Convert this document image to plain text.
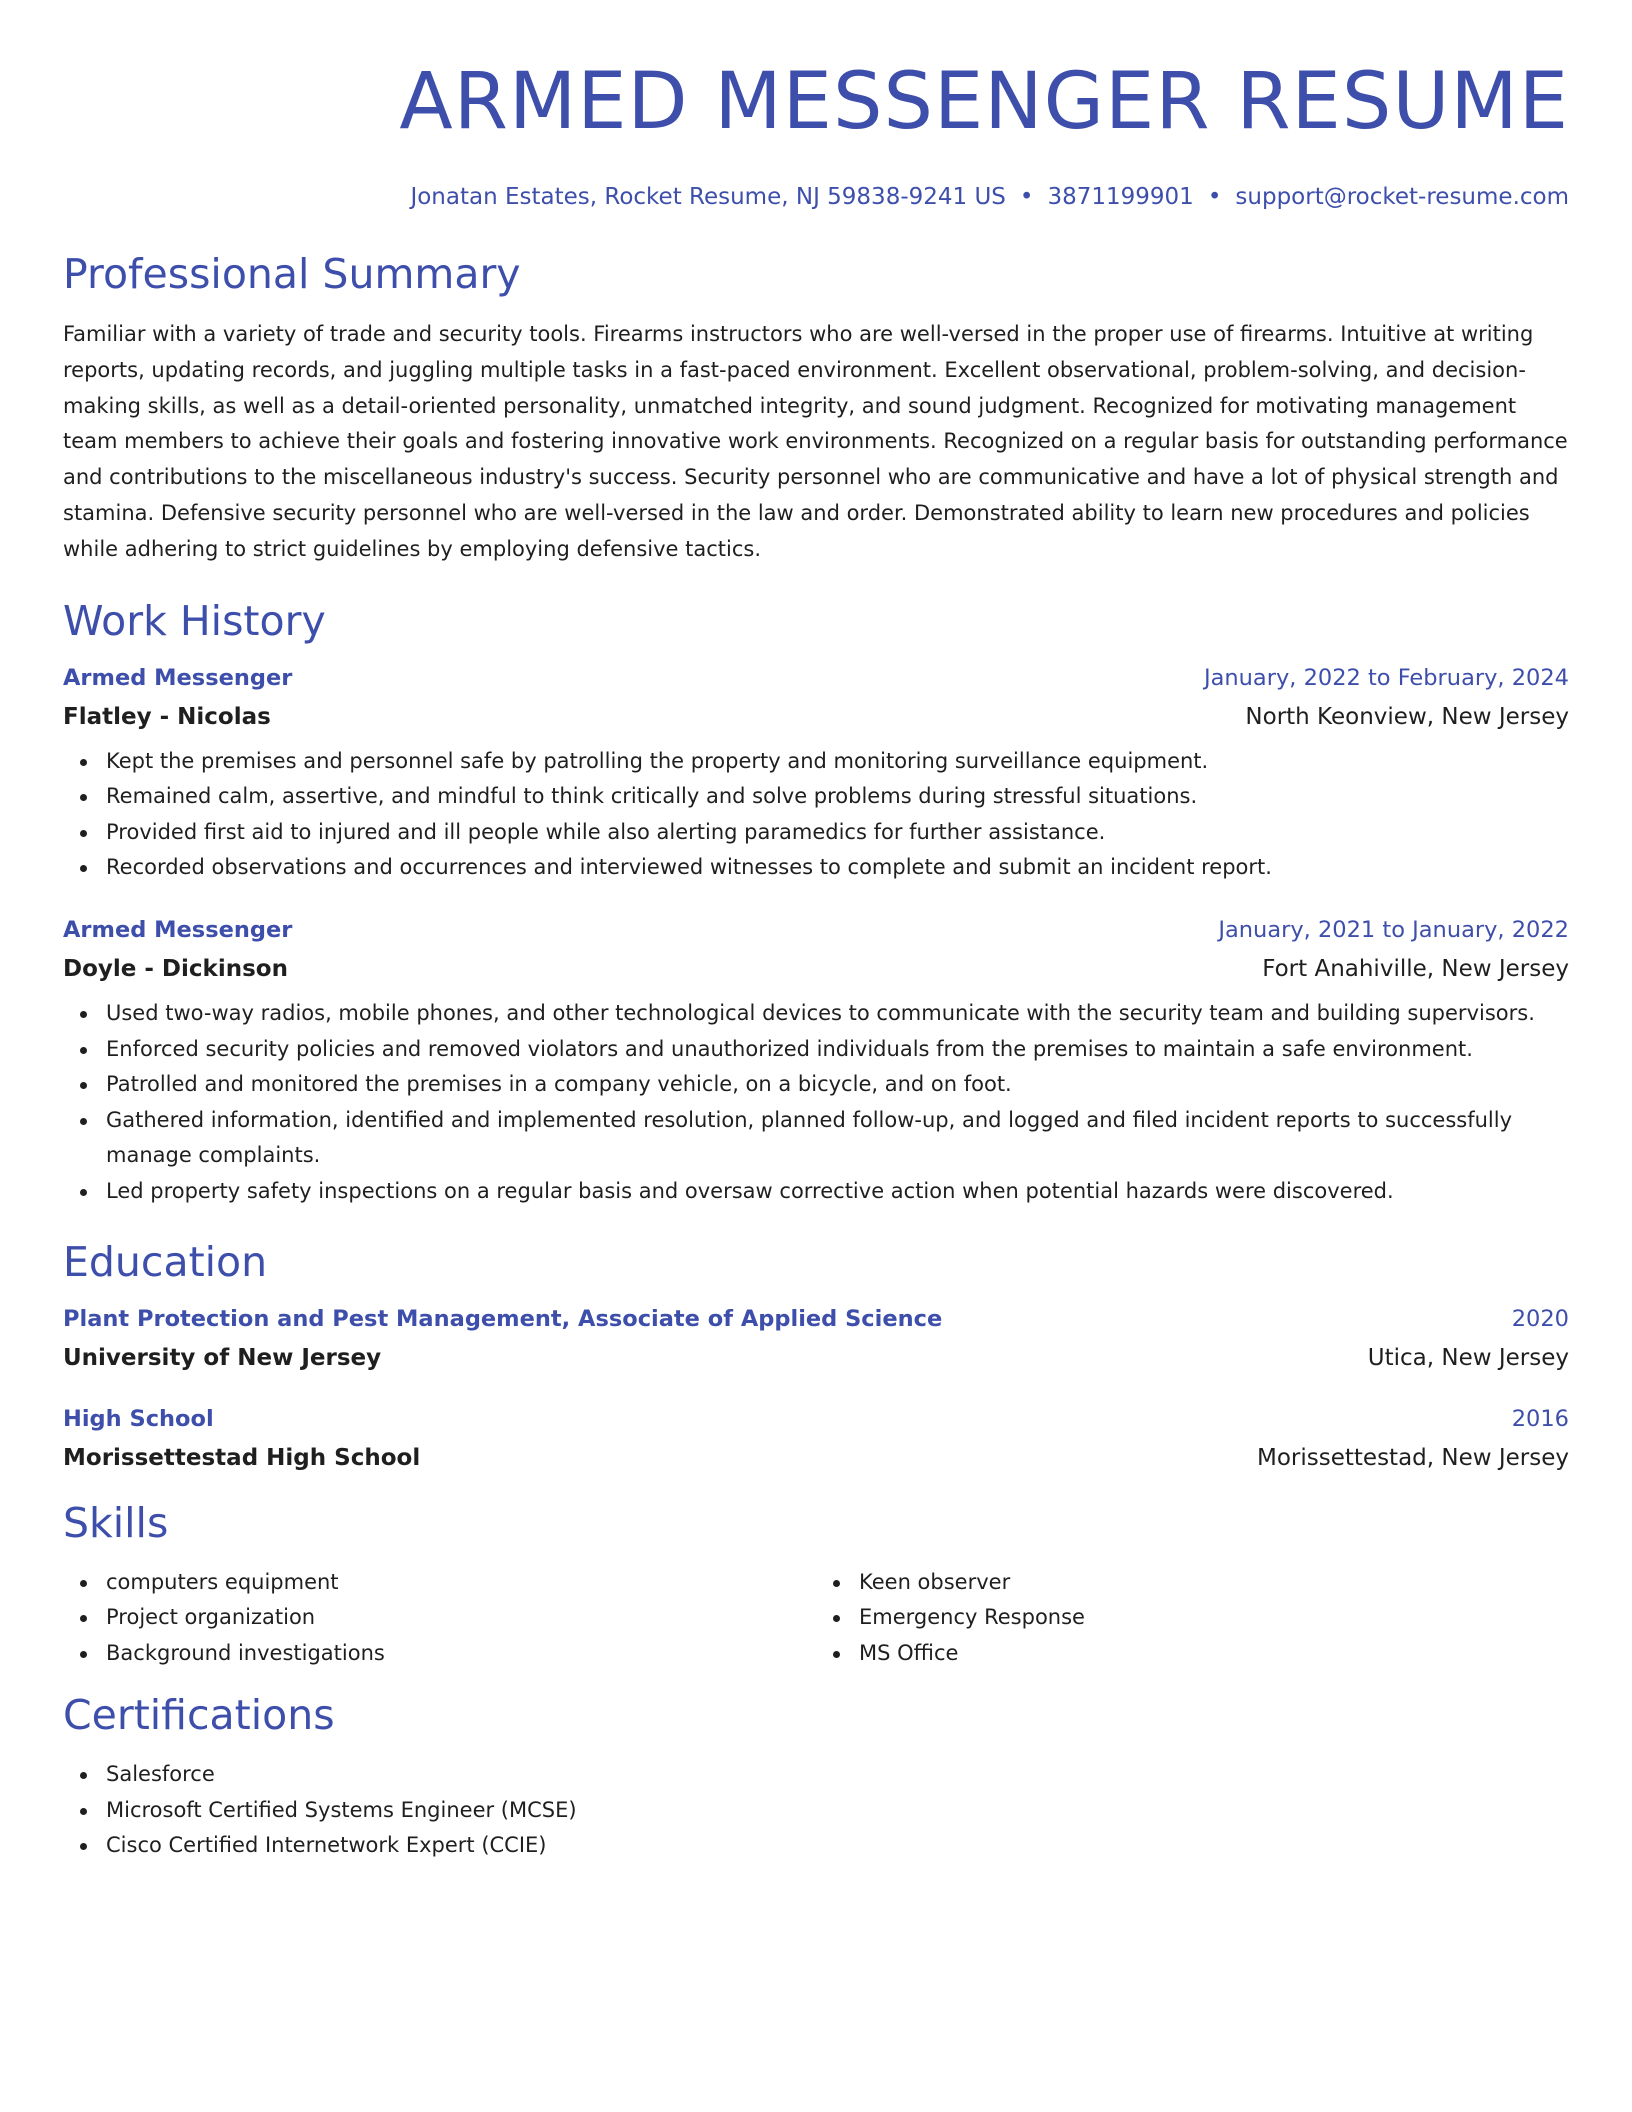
ARMED MESSENGER RESUME
Jonatan Estates, Rocket Resume, NJ 59838-9241 US • 3871199901 • support@rocket-resume.com
Professional Summary
Familiar with a variety of trade and security tools. Firearms instructors who are well-versed in the proper use of firearms. Intuitive at writing reports, updating records, and juggling multiple tasks in a fast-paced environment. Excellent observational, problem-solving, and decision-making skills, as well as a detail-oriented personality, unmatched integrity, and sound judgment. Recognized for motivating management team members to achieve their goals and fostering innovative work environments. Recognized on a regular basis for outstanding performance and contributions to the miscellaneous industry's success. Security personnel who are communicative and have a lot of physical strength and stamina. Defensive security personnel who are well-versed in the law and order. Demonstrated ability to learn new procedures and policies while adhering to strict guidelines by employing defensive tactics.
Work History
Armed Messenger	January, 2022 to February, 2024
Flatley - Nicolas	North Keonview, New Jersey
Kept the premises and personnel safe by patrolling the property and monitoring surveillance equipment.
Remained calm, assertive, and mindful to think critically and solve problems during stressful situations.
Provided first aid to injured and ill people while also alerting paramedics for further assistance.
Recorded observations and occurrences and interviewed witnesses to complete and submit an incident report.
Armed Messenger	January, 2021 to January, 2022
Doyle - Dickinson	Fort Anahiville, New Jersey
Used two-way radios, mobile phones, and other technological devices to communicate with the security team and building supervisors.
Enforced security policies and removed violators and unauthorized individuals from the premises to maintain a safe environment.
Patrolled and monitored the premises in a company vehicle, on a bicycle, and on foot.
Gathered information, identified and implemented resolution, planned follow-up, and logged and filed incident reports to successfully manage complaints.
Led property safety inspections on a regular basis and oversaw corrective action when potential hazards were discovered.
Education
Plant Protection and Pest Management, Associate of Applied Science	2020
University of New Jersey	Utica, New Jersey
High School	2016
Morissettestad High School	Morissettestad, New Jersey
Skills
computers equipment
Project organization
Background investigations
Keen observer
Emergency Response
MS Office
Certifications
Salesforce
Microsoft Certified Systems Engineer (MCSE)
Cisco Certified Internetwork Expert (CCIE)
